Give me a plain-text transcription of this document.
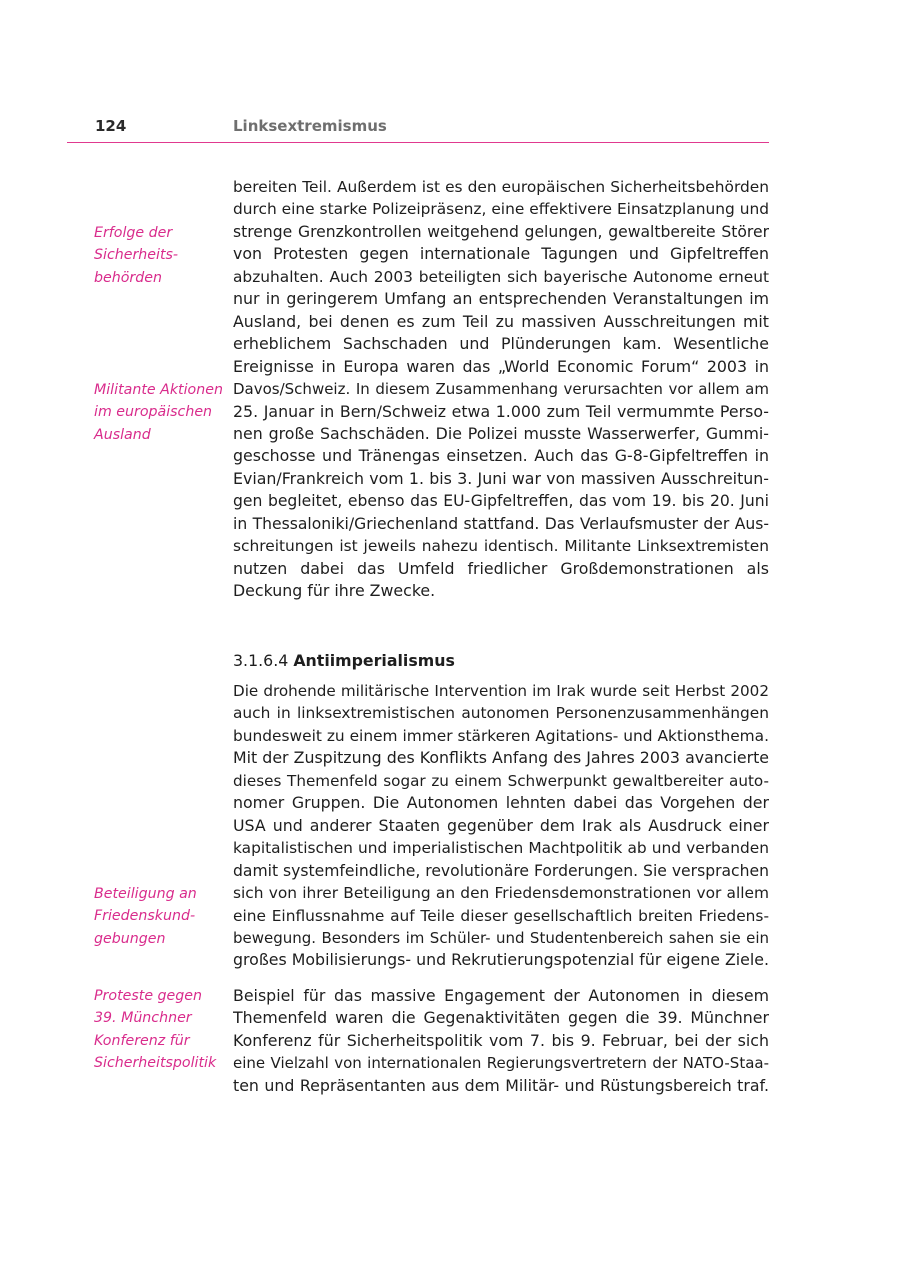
124	Linksextremismus
Erfolge der
Sicherheits-
behörden
Militante Aktionen
im europäischen
Ausland
Beteiligung an
Friedenskund-
gebungen
Proteste gegen
39. Münchner
Konferenz für
Sicherheitspolitik
bereiten Teil. Außerdem ist es den europäischen Sicherheitsbehörden
durch eine starke Polizeipräsenz, eine effektivere Einsatzplanung und
strenge Grenzkontrollen weitgehend gelungen, gewaltbereite Störer
von Protesten gegen internationale Tagungen und Gipfeltreffen
abzuhalten. Auch 2003 beteiligten sich bayerische Autonome erneut
nur in geringerem Umfang an entsprechenden Veranstaltungen im
Ausland, bei denen es zum Teil zu massiven Ausschreitungen mit
erheblichem Sachschaden und Plünderungen kam. Wesentliche
Ereignisse in Europa waren das „World Economic Forum“ 2003 in
Davos/Schweiz. In diesem Zusammenhang verursachten vor allem am
25. Januar in Bern/Schweiz etwa 1.000 zum Teil vermummte Perso-
nen große Sachschäden. Die Polizei musste Wasserwerfer, Gummi-
geschosse und Tränengas einsetzen. Auch das G-8-Gipfeltreffen in
Evian/Frankreich vom 1. bis 3. Juni war von massiven Ausschreitun-
gen begleitet, ebenso das EU-Gipfeltreffen, das vom 19. bis 20. Juni
in Thessaloniki/Griechenland stattfand. Das Verlaufsmuster der Aus-
schreitungen ist jeweils nahezu identisch. Militante Linksextremisten
nutzen dabei das Umfeld friedlicher Großdemonstrationen als
Deckung für ihre Zwecke.
3.1.6.4 Antiimperialismus
Die drohende militärische Intervention im Irak wurde seit Herbst 2002
auch in linksextremistischen autonomen Personenzusammenhängen
bundesweit zu einem immer stärkeren Agitations- und Aktionsthema.
Mit der Zuspitzung des Konflikts Anfang des Jahres 2003 avancierte
dieses Themenfeld sogar zu einem Schwerpunkt gewaltbereiter auto-
nomer Gruppen. Die Autonomen lehnten dabei das Vorgehen der
USA und anderer Staaten gegenüber dem Irak als Ausdruck einer
kapitalistischen und imperialistischen Machtpolitik ab und verbanden
damit systemfeindliche, revolutionäre Forderungen. Sie versprachen
sich von ihrer Beteiligung an den Friedensdemonstrationen vor allem
eine Einflussnahme auf Teile dieser gesellschaftlich breiten Friedens-
bewegung. Besonders im Schüler- und Studentenbereich sahen sie ein
großes Mobilisierungs- und Rekrutierungspotenzial für eigene Ziele.
Beispiel für das massive Engagement der Autonomen in diesem
Themenfeld waren die Gegenaktivitäten gegen die 39. Münchner
Konferenz für Sicherheitspolitik vom 7. bis 9. Februar, bei der sich
eine Vielzahl von internationalen Regierungsvertretern der NATO-Staa-
ten und Repräsentanten aus dem Militär- und Rüstungsbereich traf.
